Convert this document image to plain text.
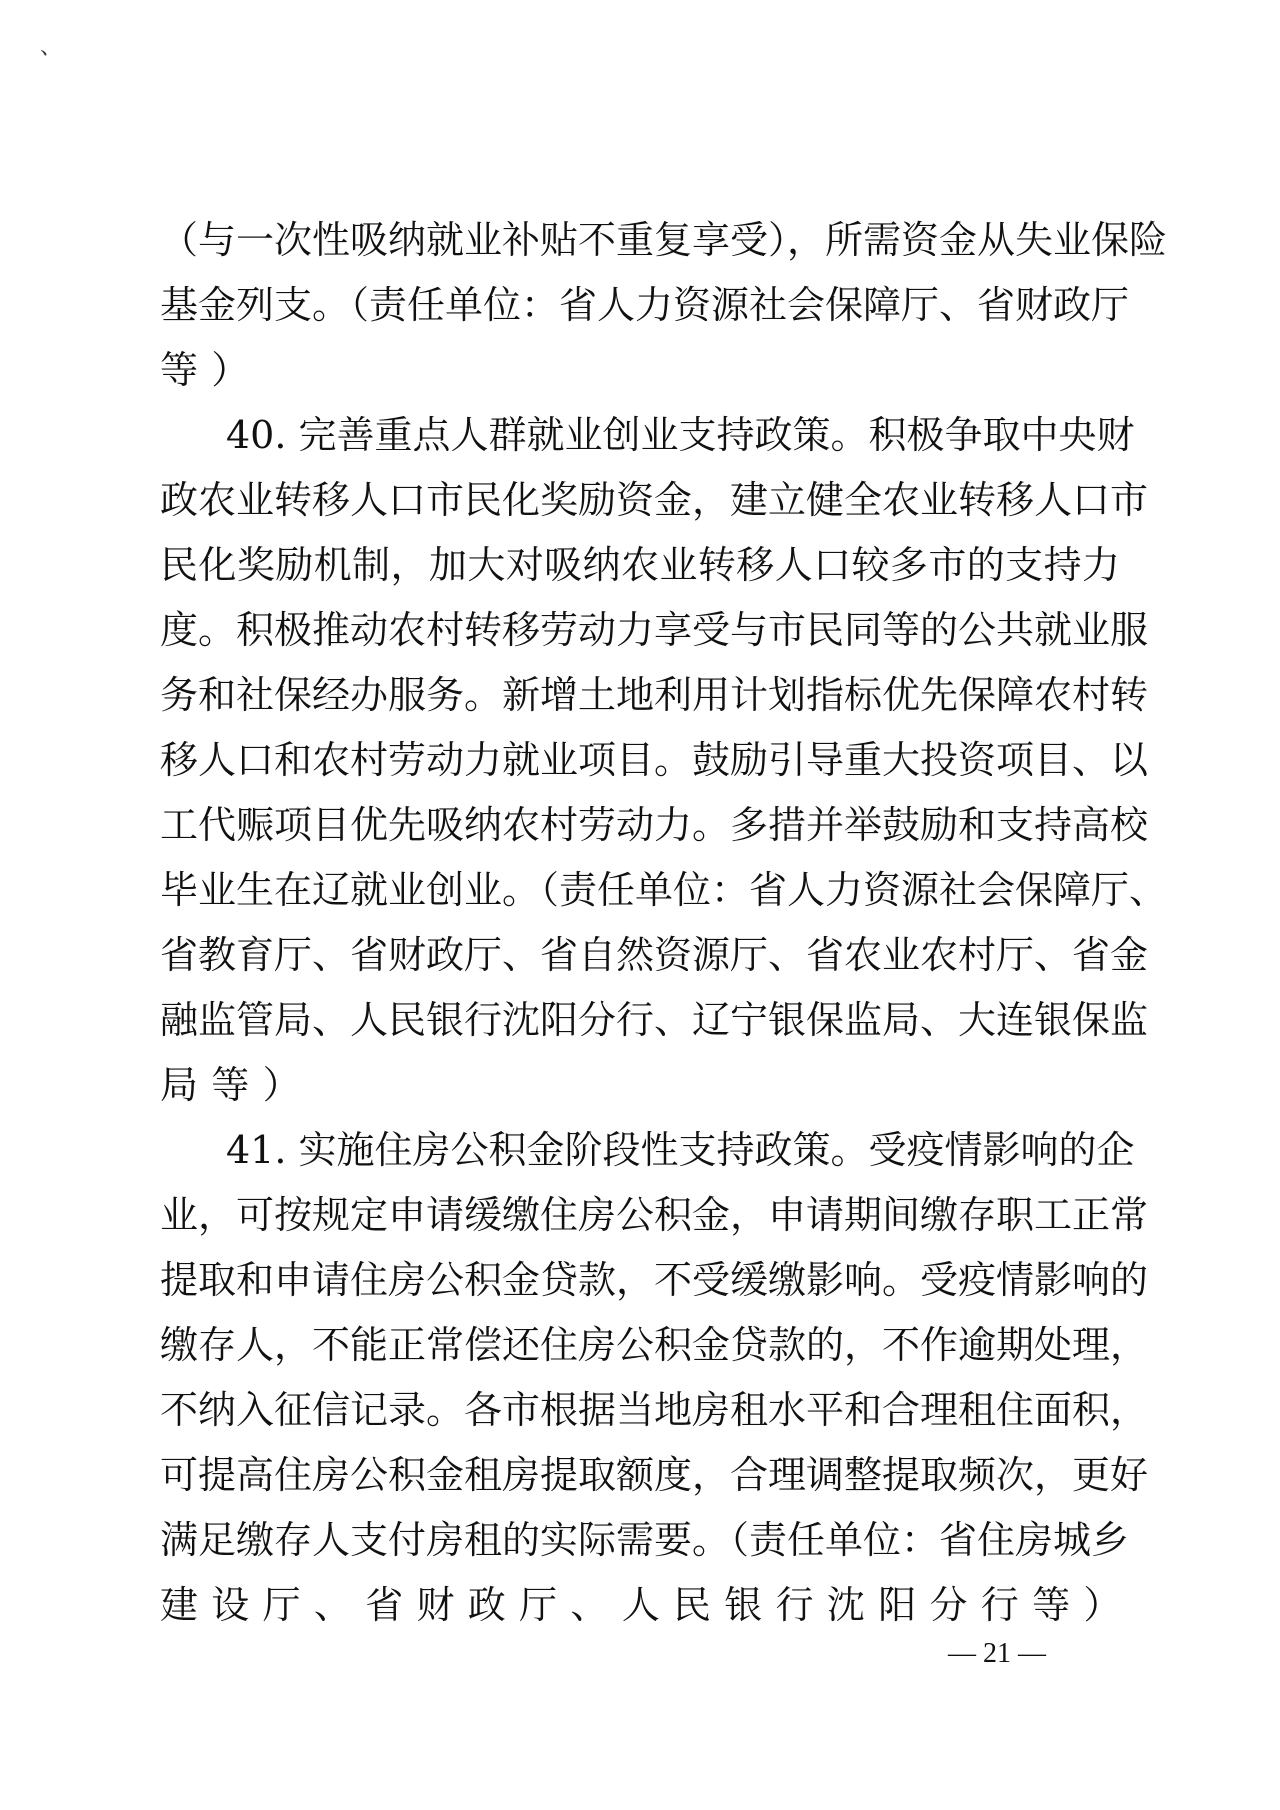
、
（与一次性吸纳就业补贴不重复享受），所需资金从失业保险
基金列支。（责任单位：省人力资源社会保障厅、省财政厅
等）
40. 完善重点人群就业创业支持政策。积极争取中央财
政农业转移人口市民化奖励资金，建立健全农业转移人口市
民化奖励机制，加大对吸纳农业转移人口较多市的支持力
度。积极推动农村转移劳动力享受与市民同等的公共就业服
务和社保经办服务。新增土地利用计划指标优先保障农村转
移人口和农村劳动力就业项目。鼓励引导重大投资项目、以
工代赈项目优先吸纳农村劳动力。多措并举鼓励和支持高校
毕业生在辽就业创业。（责任单位：省人力资源社会保障厅、
省教育厅、省财政厅、省自然资源厅、省农业农村厅、省金
融监管局、人民银行沈阳分行、辽宁银保监局、大连银保监
局等）
41. 实施住房公积金阶段性支持政策。受疫情影响的企
业，可按规定申请缓缴住房公积金，申请期间缴存职工正常
提取和申请住房公积金贷款，不受缓缴影响。受疫情影响的
缴存人，不能正常偿还住房公积金贷款的，不作逾期处理，
不纳入征信记录。各市根据当地房租水平和合理租住面积，
可提高住房公积金租房提取额度，合理调整提取频次，更好
满足缴存人支付房租的实际需要。（责任单位：省住房城乡
建设厅、省财政厅、人民银行沈阳分行等）
— 21 —
